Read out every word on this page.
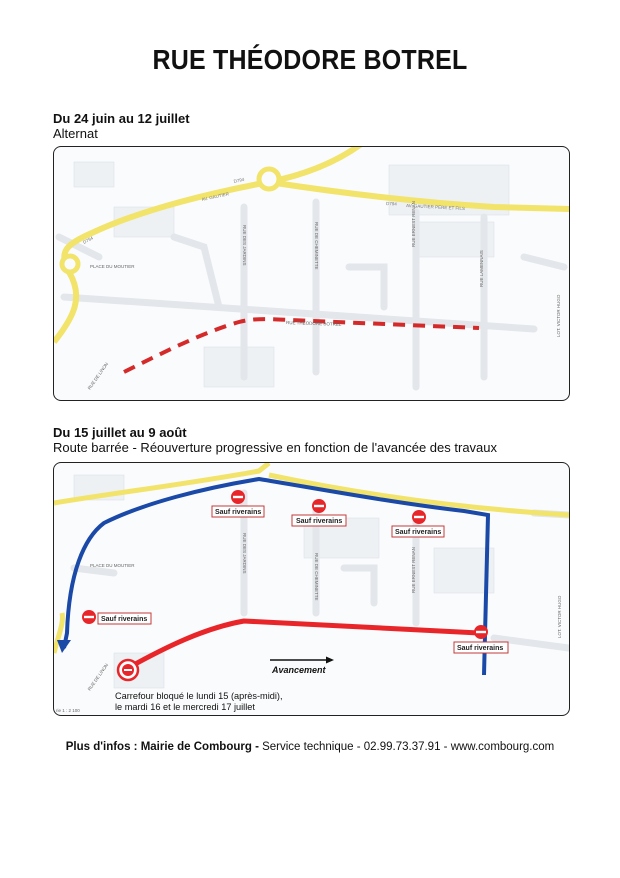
RUE THÉODORE BOTREL
Du 24 juin au 12 juillet
Alternat
D794
AV. GAUTIER
D794
D794 AV. GAUTIER PERE ET FILS
PLACE DU MOUTIER
RUE DES JARDINS	RUE DE CHEMINETTE	RUE ERNEST RENAN
RUE LAMENNAIS
RUE DE LINON
RUE THEODORE BOTREL	LOT. VICTOR HUGO
Du 15 juillet au 9 août
Route barrée - Réouverture progressive en fonction de l'avancée des travaux
Sauf riverains
Sauf riverains
Sauf riverains
Sauf riverains
Sauf riverains
PLACE DU MOUTIER	RUE DES JARDINS	RUE DE CHEMINETTE	RUE ERNEST RENAN
RUE DE LINON
LOT. VICTOR HUGO
Avancement
Carrefour bloqué le lundi 15 (après-midi),
le mardi 16 et le mercredi 17 juillet
rie 1 : 2 100
Plus d'infos : Mairie de Combourg - Service technique - 02.99.73.37.91 - www.combourg.com
